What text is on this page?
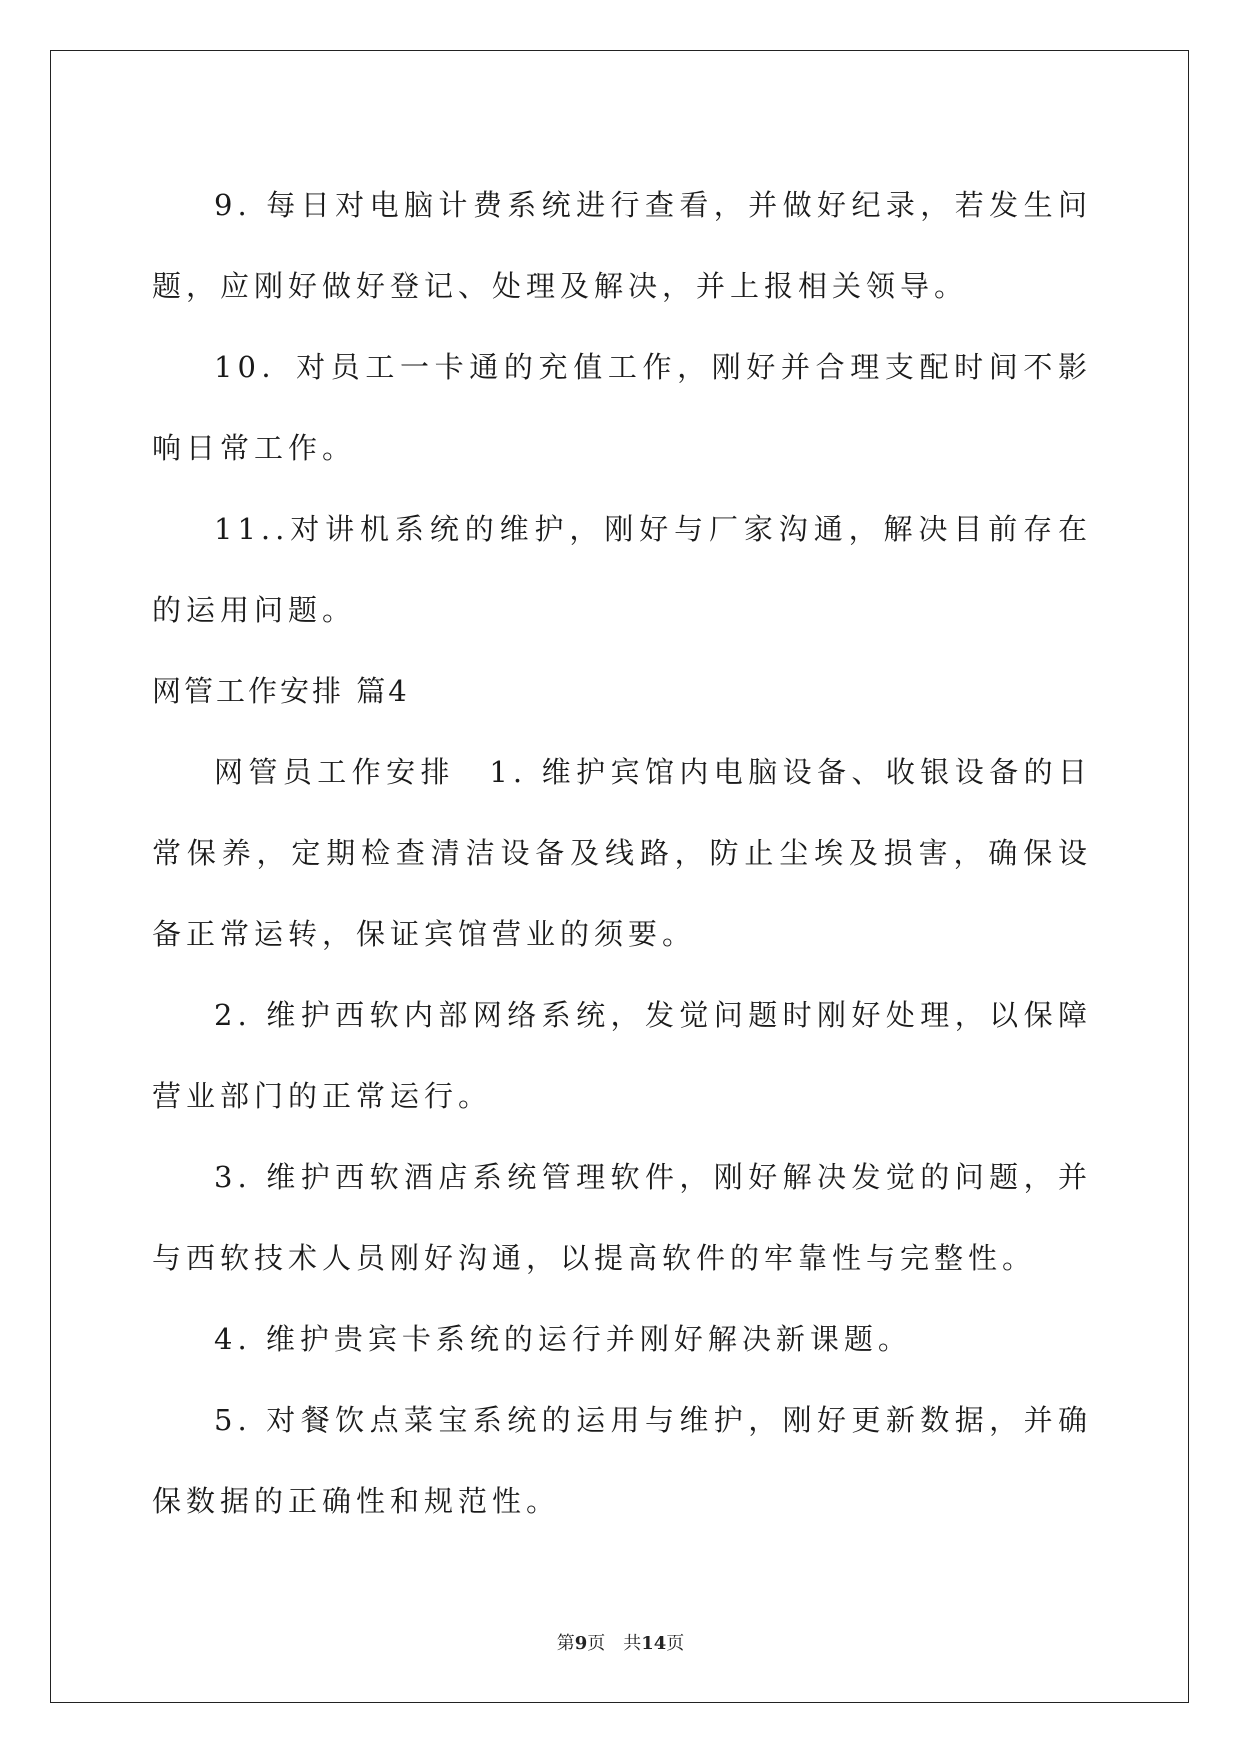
9. 每日对电脑计费系统进行查看，并做好纪录，若发生问题，应刚好做好登记、处理及解决，并上报相关领导。

10．对员工一卡通的充值工作，刚好并合理支配时间不影响日常工作。

11..对讲机系统的维护，刚好与厂家沟通，解决目前存在的运用问题。

网管工作安排 篇4

网管员工作安排　1. 维护宾馆内电脑设备、收银设备的日常保养，定期检查清洁设备及线路，防止尘埃及损害，确保设备正常运转，保证宾馆营业的须要。

2. 维护西软内部网络系统，发觉问题时刚好处理，以保障营业部门的正常运行。

3. 维护西软酒店系统管理软件，刚好解决发觉的问题，并与西软技术人员刚好沟通，以提高软件的牢靠性与完整性。

4. 维护贵宾卡系统的运行并刚好解决新课题。

5. 对餐饮点菜宝系统的运用与维护，刚好更新数据，并确保数据的正确性和规范性。

第9页 共14页
